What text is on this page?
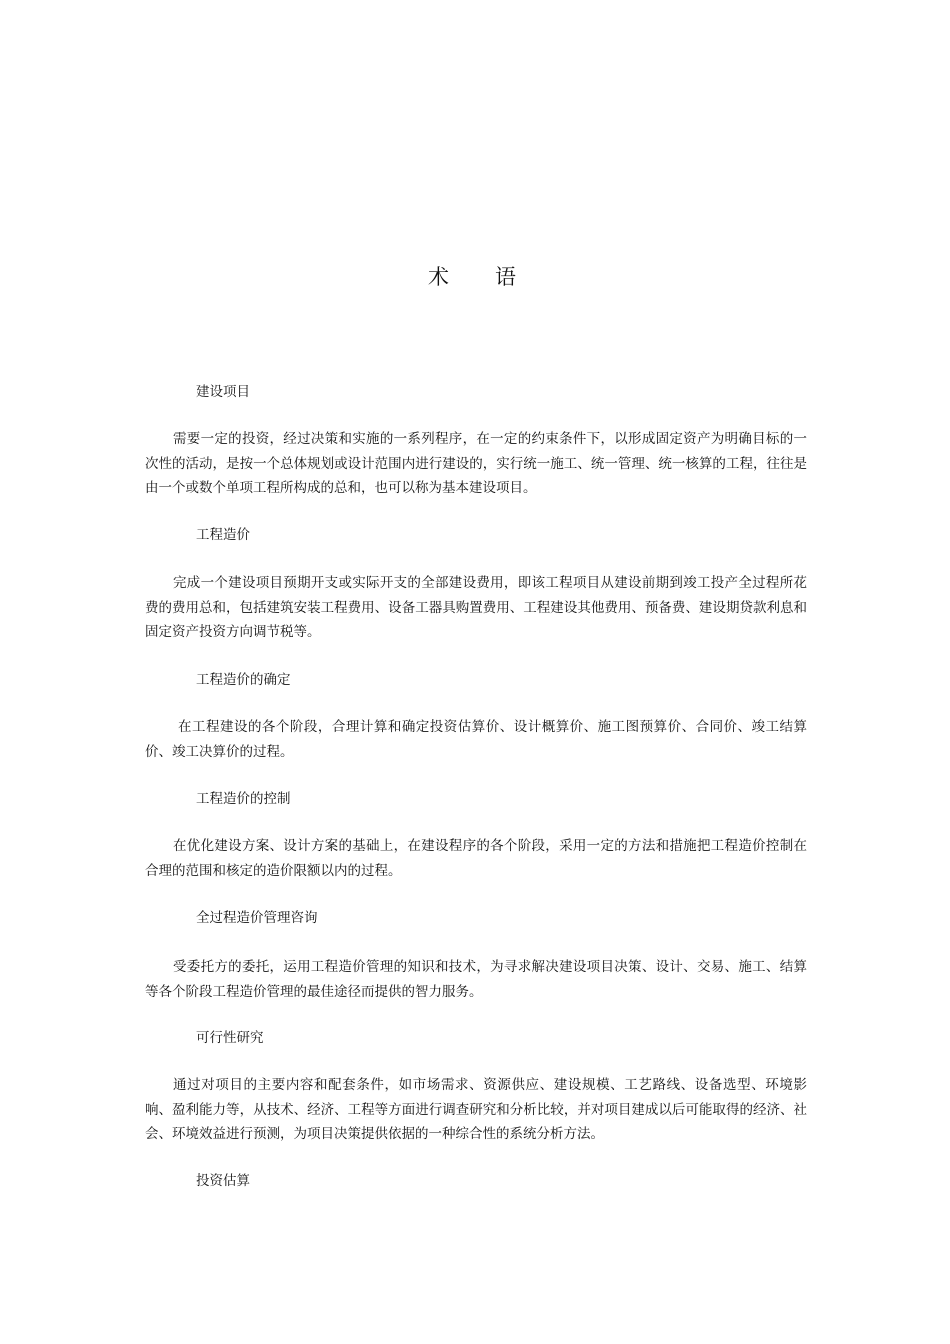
术语
建设项目

需要一定的投资，经过决策和实施的一系列程序，在一定的约束条件下，以形成固定资产为明确目标的一次性的活动，是按一个总体规划或设计范围内进行建设的，实行统一施工、统一管理、统一核算的工程，往往是由一个或数个单项工程所构成的总和，也可以称为基本建设项目。

工程造价

完成一个建设项目预期开支或实际开支的全部建设费用，即该工程项目从建设前期到竣工投产全过程所花费的费用总和，包括建筑安装工程费用、设备工器具购置费用、工程建设其他费用、预备费、建设期贷款利息和固定资产投资方向调节税等。

工程造价的确定

在工程建设的各个阶段，合理计算和确定投资估算价、设计概算价、施工图预算价、合同价、竣工结算价、竣工决算价的过程。

工程造价的控制

在优化建设方案、设计方案的基础上，在建设程序的各个阶段，采用一定的方法和措施把工程造价控制在合理的范围和核定的造价限额以内的过程。

全过程造价管理咨询

受委托方的委托，运用工程造价管理的知识和技术，为寻求解决建设项目决策、设计、交易、施工、结算等各个阶段工程造价管理的最佳途径而提供的智力服务。

可行性研究

通过对项目的主要内容和配套条件，如市场需求、资源供应、建设规模、工艺路线、设备选型、环境影响、盈利能力等，从技术、经济、工程等方面进行调查研究和分析比较，并对项目建成以后可能取得的经济、社会、环境效益进行预测，为项目决策提供依据的一种综合性的系统分析方法。

投资估算
